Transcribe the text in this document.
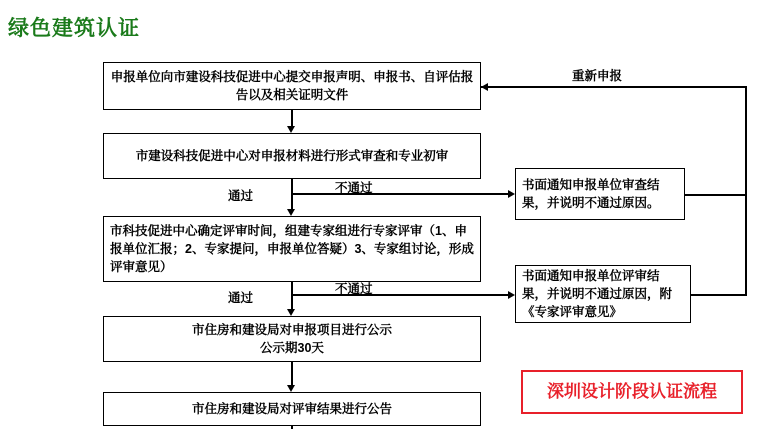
绿色建筑认证
申报单位向市建设科技促进中心提交申报声明、申报书、自评估报告以及相关证明文件
市建设科技促进中心对申报材料进行形式审查和专业初审
市科技促进中心确定评审时间，组建专家组进行专家评审（1、申报单位汇报；2、专家提问，申报单位答疑）3、专家组讨论，形成评审意见）
市住房和建设局对申报项目进行公示
公示期30天
市住房和建设局对评审结果进行公告
书面通知申报单位审查结果，并说明不通过原因。
书面通知申报单位评审结果，并说明不通过原因，附《专家评审意见》
深圳设计阶段认证流程
通过
不通过
通过
不通过
重新申报
